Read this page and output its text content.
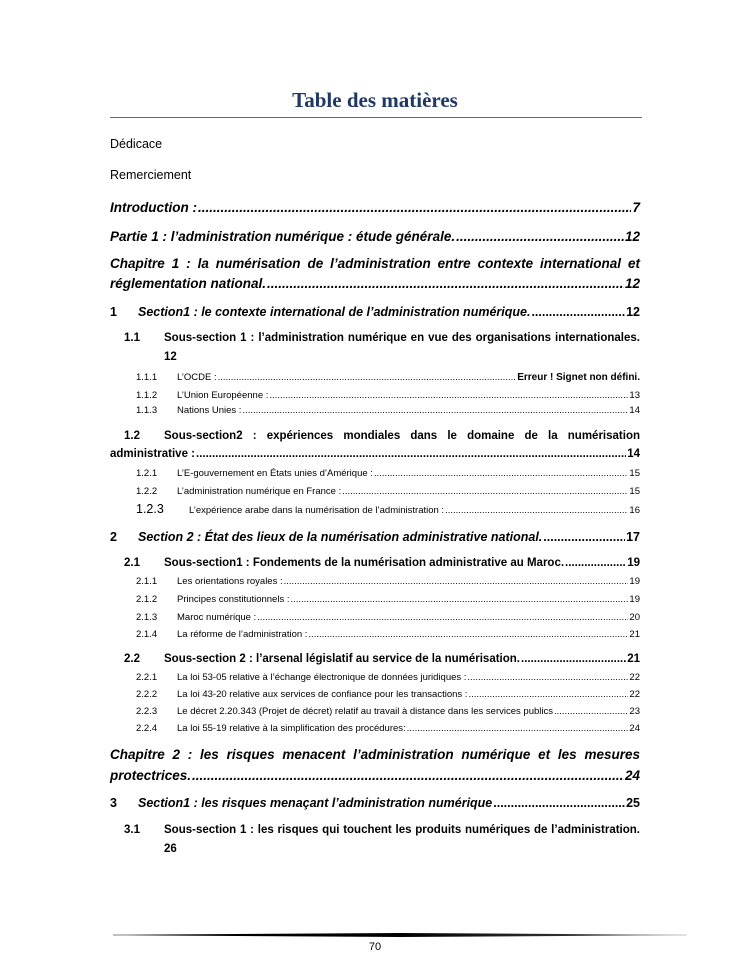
Table des matières
Dédicace
Remerciement
Introduction : .....	7
Partie 1 : l’administration numérique : étude générale. .....	12
Chapitre 1 : la numérisation de l’administration entre contexte international et
réglementation national. .....	12
1	Section1 : le contexte international de l’administration numérique. .....	12
1.1 Sous-section 1 : l’administration numérique en vue des organisations internationales.
12
1.1.1	L’OCDE : .....	Erreur ! Signet non défini.
1.1.2	L’Union Européenne : .....	13
1.1.3	Nations Unies : .....	14
1.2 Sous-section2 : expériences mondiales dans le domaine de la numérisation
administrative : .....	14
1.2.1	L’E-gouvernement en États unies d’Amérique : .....	15
1.2.2	L’administration numérique en France : .....	15
1.2.3	L’expérience arabe dans la numérisation de l’administration : .....	16
2	Section 2 : État des lieux de la numérisation administrative national. .....	17
2.1	Sous-section1 : Fondements de la numérisation administrative au Maroc. .....	19
2.1.1	Les orientations royales : .....	19
2.1.2	Principes constitutionnels : .....	19
2.1.3	Maroc numérique : .....	20
2.1.4	La réforme de l’administration : .....	21
2.2	Sous-section 2 : l’arsenal législatif au service de la numérisation. .....	21
2.2.1	La loi 53-05 relative à l’échange électronique de données juridiques : .....	22
2.2.2	La loi 43-20 relative aux services de confiance pour les transactions : .....	22
2.2.3	Le décret 2.20.343 (Projet de décret) relatif au travail à distance dans les services publics .....	23
2.2.4	La loi 55-19 relative à la simplification des procédures: .....	24
Chapitre 2 : les risques menacent l’administration numérique et les mesures
protectrices. .....	24
3	Section1 : les risques menaçant l’administration numérique .....	25
3.1 Sous-section 1 : les risques qui touchent les produits numériques de l’administration.
26
70
